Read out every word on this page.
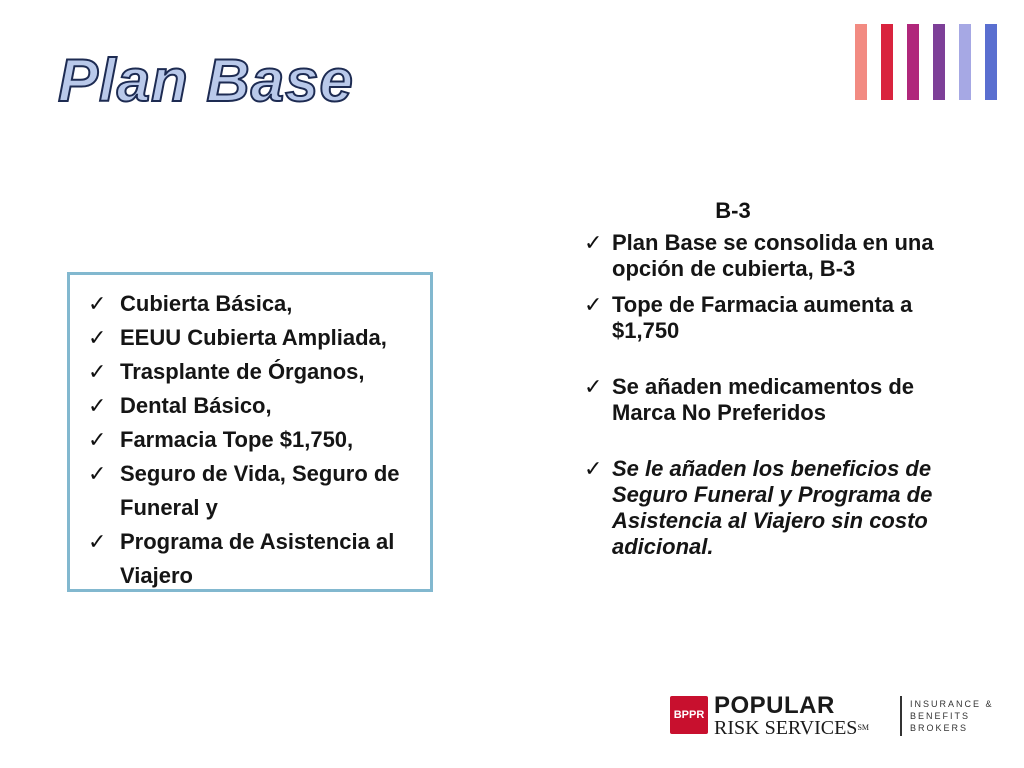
Plan Base
✓ Cubierta Básica,
✓ EEUU Cubierta Ampliada,
✓ Trasplante de Órganos,
✓ Dental Básico,
✓ Farmacia Tope $1,750,
✓ Seguro de Vida, Seguro de Funeral y
✓ Programa de Asistencia al Viajero
B-3
✓ Plan Base se consolida en una opción de cubierta, B-3
✓ Tope de Farmacia aumenta a $1,750
✓ Se añaden medicamentos de Marca No Preferidos
✓ Se le añaden los beneficios de Seguro Funeral y Programa de Asistencia al Viajero sin costo adicional.
BPPR POPULAR
RISK SERVICESSM
INSURANCE &
BENEFITS
BROKERS
